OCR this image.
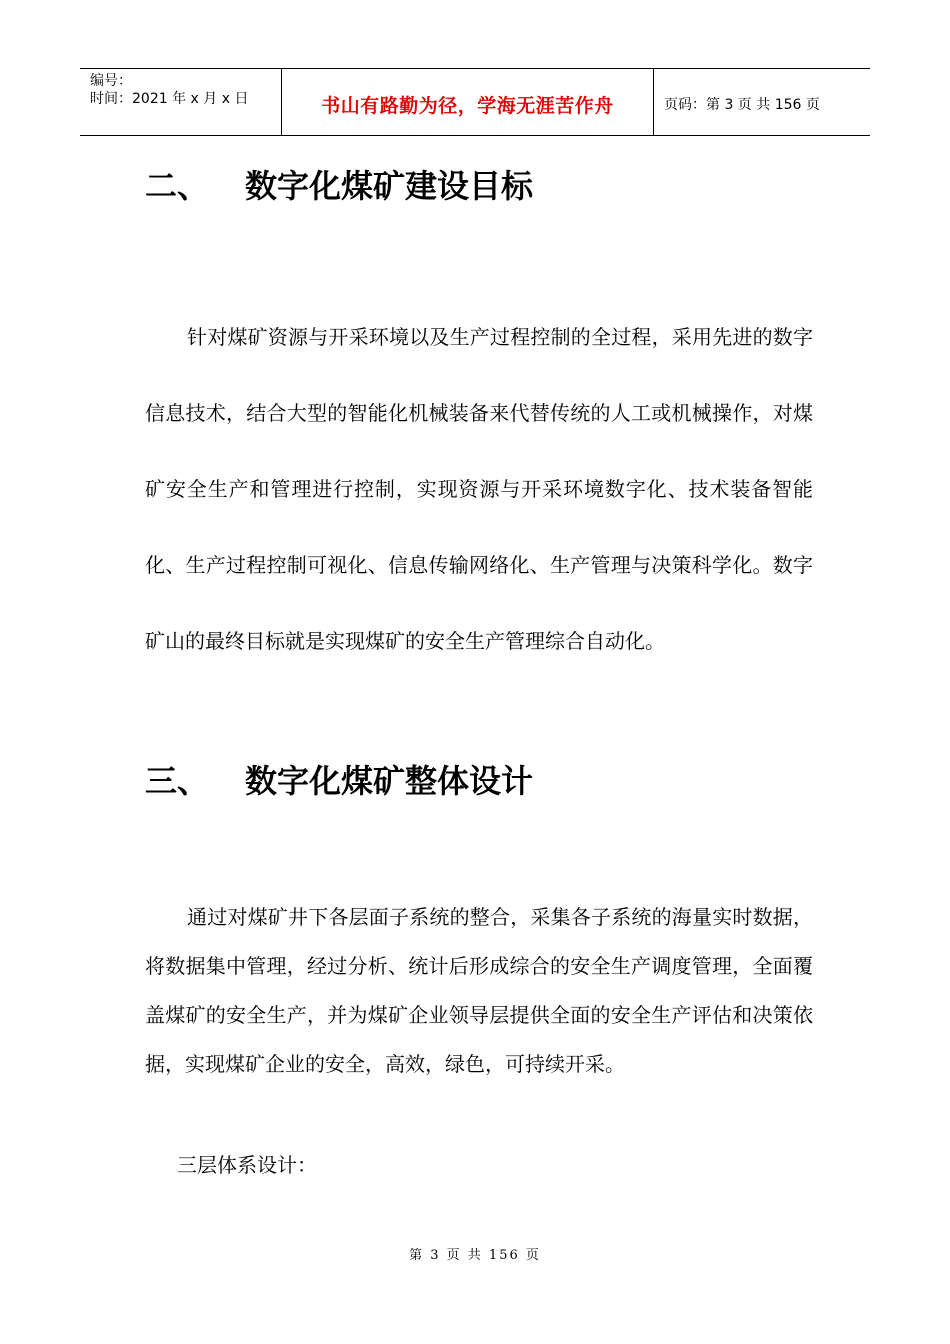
编号：
时间：2021 年 x 月 x 日	书山有路勤为径，学海无涯苦作舟	页码：第 3 页 共 156 页
二、 数字化煤矿建设目标

针对煤矿资源与开采环境以及生产过程控制的全过程，采用先进的数字信息技术，结合大型的智能化机械装备来代替传统的人工或机械操作，对煤矿安全生产和管理进行控制，实现资源与开采环境数字化、技术装备智能化、生产过程控制可视化、信息传输网络化、生产管理与决策科学化。数字矿山的最终目标就是实现煤矿的安全生产管理综合自动化。

三、 数字化煤矿整体设计

通过对煤矿井下各层面子系统的整合，采集各子系统的海量实时数据，将数据集中管理，经过分析、统计后形成综合的安全生产调度管理，全面覆盖煤矿的安全生产，并为煤矿企业领导层提供全面的安全生产评估和决策依据，实现煤矿企业的安全，高效，绿色，可持续开采。

三层体系设计：
第 3 页 共 156 页
